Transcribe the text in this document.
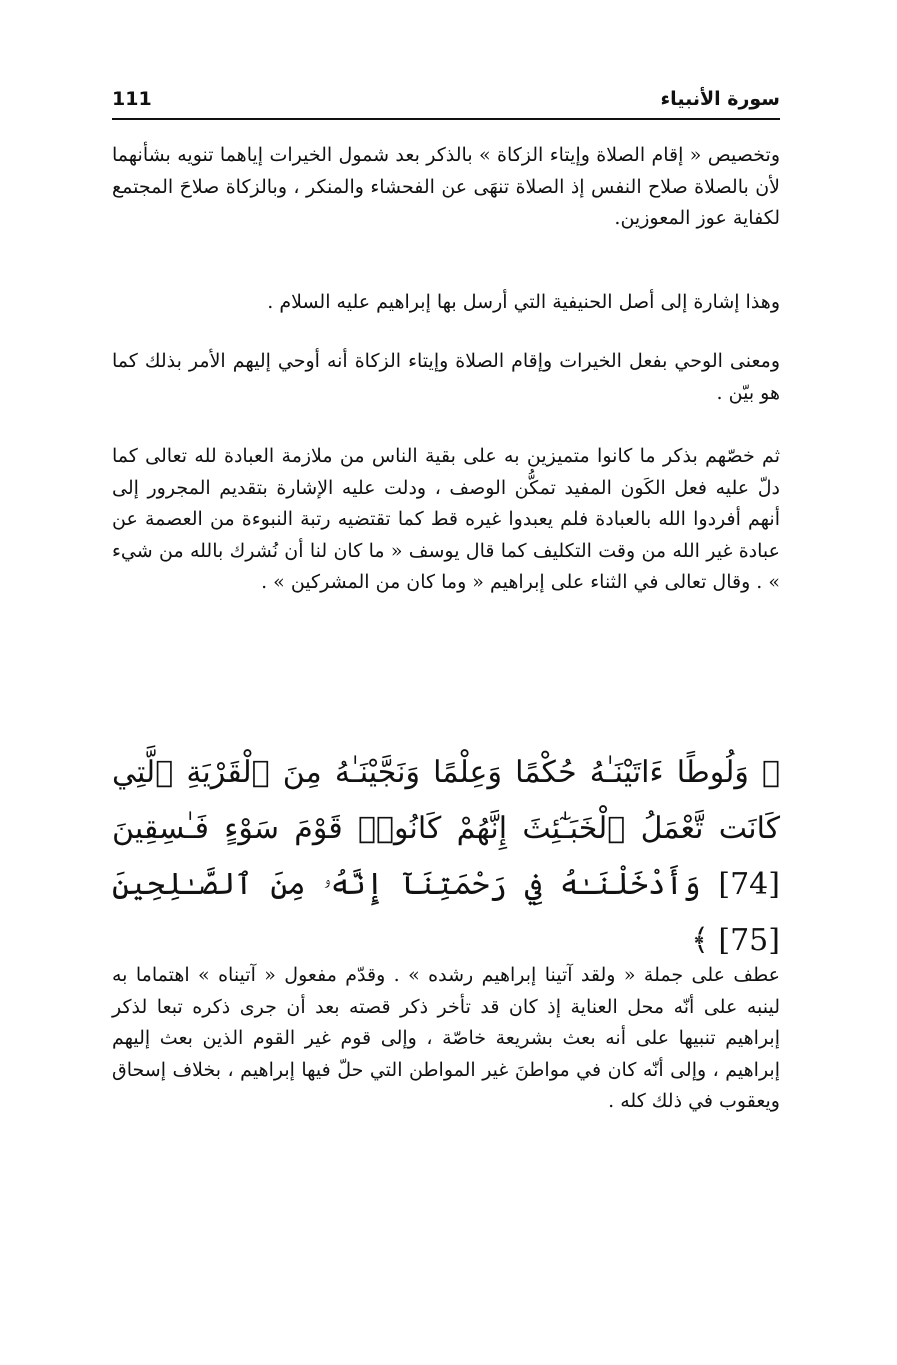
سورة الأنبياء
111

وتخصيص « إقام الصلاة وإيتاء الزكاة » بالذكر بعد شمول الخيرات إياهما تنويه بشأنهما لأن بالصلاة صلاح النفس إذ الصلاة تنهَى عن الفحشاء والمنكر ، وبالزكاة صلاحَ المجتمع لكفاية عوز المعوزين.

وهذا إشارة إلى أصل الحنيفية التي أرسل بها إبراهيم عليه السلام .

ومعنى الوحي بفعل الخيرات وإقام الصلاة وإيتاء الزكاة أنه أوحي إليهم الأمر بذلك كما هو بيّن .

ثم خصّهم بذكر ما كانوا متميزين به على بقية الناس من ملازمة العبادة لله تعالى كما دلّ عليه فعل الكَون المفيد تمكُّن الوصف ، ودلت عليه الإشارة بتقديم المجرور إلى أنهم أفردوا الله بالعبادة فلم يعبدوا غيره قط كما تقتضيه رتبة النبوءة من العصمة عن عبادة غير الله من وقت التكليف كما قال يوسف « ما كان لنا أن نُشرك بالله من شيء » . وقال تعالى في الثناء على إبراهيم « وما كان من المشركين » .

﴿ وَلُوطًا ءَاتَيْنَـٰهُ حُكْمًا وَعِلْمًا وَنَجَّيْنَـٰهُ مِنَ ٱلْقَرْيَةِ ٱلَّتِي كَانَت تَّعْمَلُ ٱلْخَبَـٰٓئِثَ إِنَّهُمْ كَانُوا۟ قَوْمَ سَوْءٍ فَـٰسِقِينَ [74] وَأَدْخَلْنَـٰهُ فِي رَحْمَتِنَآ إِنَّهُۥ مِنَ ٱلصَّـٰلِحِينَ [75] ﴾

عطف على جملة « ولقد آتينا إبراهيم رشده » . وقدّم مفعول « آتيناه » اهتماما به لينبه على أنّه محل العناية إذ كان قد تأخر ذكر قصته بعد أن جرى ذكره تبعا لذكر إبراهيم تنبيها على أنه بعث بشريعة خاصّة ، وإلى قوم غير القوم الذين بعث إليهم إبراهيم ، وإلى أنّه كان في مواطنَ غير المواطن التي حلّ فيها إبراهيم ، بخلاف إسحاق ويعقوب في ذلك كله .
